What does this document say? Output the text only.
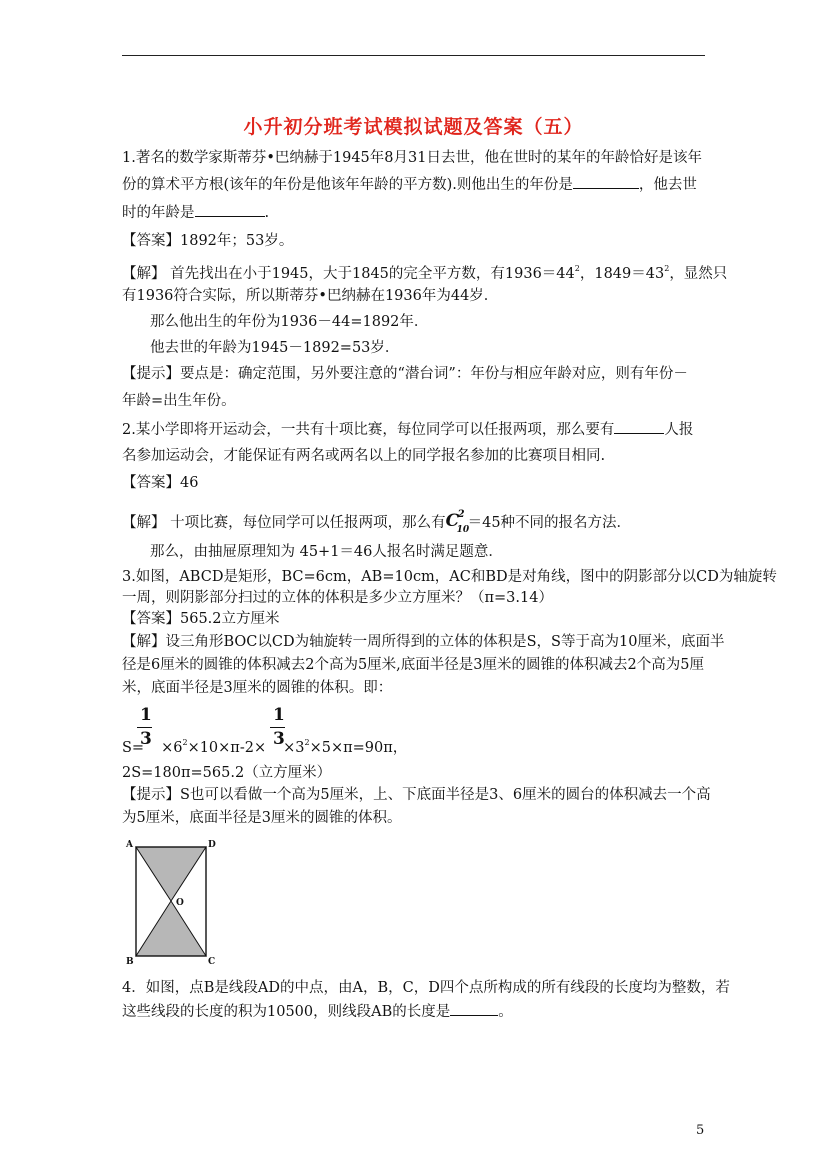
小升初分班考试模拟试题及答案（五）
1.著名的数学家斯蒂芬•巴纳赫于1945年8月31日去世，他在世时的某年的年龄恰好是该年
份的算术平方根(该年的年份是他该年年龄的平方数).则他出生的年份是	，他去世
时的年龄是	.
【答案】1892年；53岁。
【解】 首先找出在小于1945，大于1845的完全平方数，有$1936=44^2$，$1849=43^2$，显然只
有1936符合实际，所以斯蒂芬•巴纳赫在1936年为44岁．
那么他出生的年份为1936－44=1892年．
他去世的年龄为1945－1892=53岁．
【提示】要点是：确定范围，另外要注意的“潜台词”：年份与相应年龄对应，则有年份－
年龄=出生年份。
2.某小学即将开运动会，一共有十项比赛，每位同学可以任报两项，那么要有	人报
名参加运动会，才能保证有两名或两名以上的同学报名参加的比赛项目相同.
【答案】46
【解】 十项比赛，每位同学可以任报两项，那么有 C
2
10
＝45种不同的报名方法．
那么，由抽屉原理知为 45+1＝46人报名时满足题意．
3.如图，ABCD是矩形，BC=6cm，AB=10cm，AC和BD是对角线，图中的阴影部分以CD为轴旋转
一周，则阴影部分扫过的立体的体积是多少立方厘米？（π=3.14）
【答案】565.2立方厘米
【解】设三角形BOC以CD为轴旋转一周所得到的立体的体积是S，S等于高为10厘米，底面半
径是6厘米的圆锥的体积减去2个高为5厘米,底面半径是3厘米的圆锥的体积减去2个高为5厘
米，底面半径是3厘米的圆锥的体积。即：
1
3
1
3
$S= \times 6^2\times 10\times\pi-2\times \times 3^2\times 5\times\pi=90\pi$，
2S=180π=565.2（立方厘米）
【提示】S也可以看做一个高为5厘米，上、下底面半径是3、6厘米的圆台的体积减去一个高
为5厘米，底面半径是3厘米的圆锥的体积。
A	D
O
B	C
4．如图，点B是线段AD的中点，由A，B，C，D四个点所构成的所有线段的长度均为整数，若
这些线段的长度的积为10500，则线段AB的长度是	。
5
